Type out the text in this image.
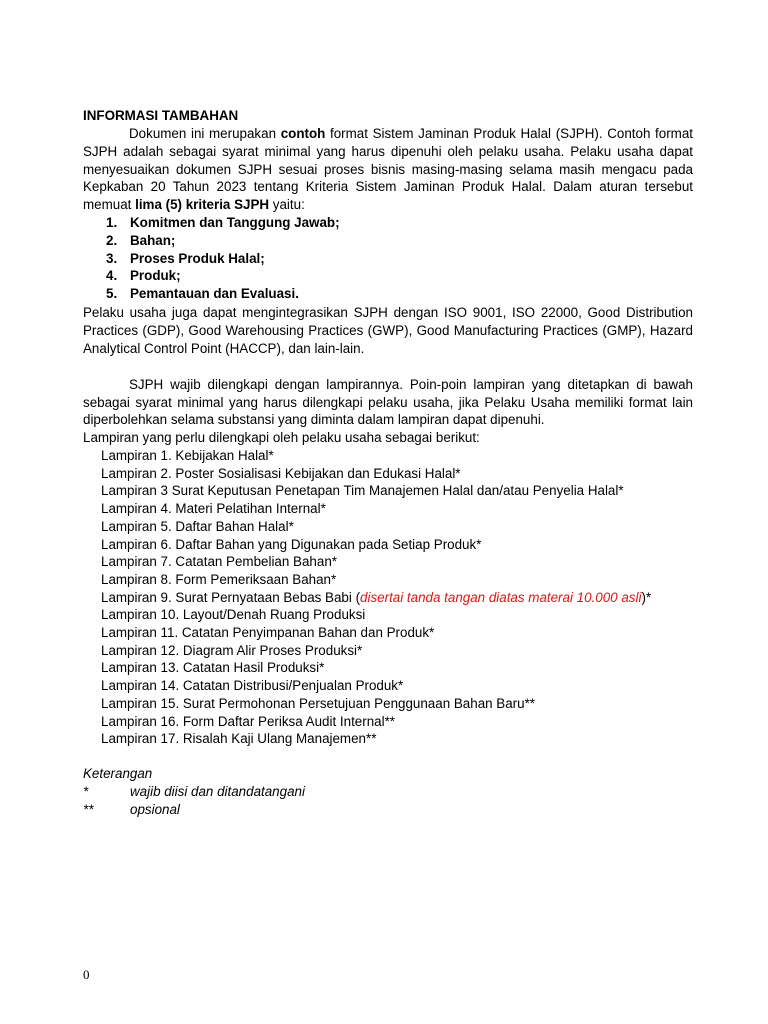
INFORMASI TAMBAHAN

Dokumen ini merupakan contoh format Sistem Jaminan Produk Halal (SJPH). Contoh format SJPH adalah sebagai syarat minimal yang harus dipenuhi oleh pelaku usaha. Pelaku usaha dapat menyesuaikan dokumen SJPH sesuai proses bisnis masing-masing selama masih mengacu pada Kepkaban 20 Tahun 2023 tentang Kriteria Sistem Jaminan Produk Halal. Dalam aturan tersebut memuat lima (5) kriteria SJPH yaitu:

1. Komitmen dan Tanggung Jawab;
2. Bahan;
3. Proses Produk Halal;
4. Produk;
5. Pemantauan dan Evaluasi.

Pelaku usaha juga dapat mengintegrasikan SJPH dengan ISO 9001, ISO 22000, Good Distribution Practices (GDP), Good Warehousing Practices (GWP), Good Manufacturing Practices (GMP), Hazard Analytical Control Point (HACCP), dan lain-lain.

SJPH wajib dilengkapi dengan lampirannya. Poin-poin lampiran yang ditetapkan di bawah sebagai syarat minimal yang harus dilengkapi pelaku usaha, jika Pelaku Usaha memiliki format lain diperbolehkan selama substansi yang diminta dalam lampiran dapat dipenuhi.

Lampiran yang perlu dilengkapi oleh pelaku usaha sebagai berikut:

Lampiran 1. Kebijakan Halal*
Lampiran 2. Poster Sosialisasi Kebijakan dan Edukasi Halal*
Lampiran 3 Surat Keputusan Penetapan Tim Manajemen Halal dan/atau Penyelia Halal*
Lampiran 4. Materi Pelatihan Internal*
Lampiran 5. Daftar Bahan Halal*
Lampiran 6. Daftar Bahan yang Digunakan pada Setiap Produk*
Lampiran 7. Catatan Pembelian Bahan*
Lampiran 8. Form Pemeriksaan Bahan*
Lampiran 9. Surat Pernyataan Bebas Babi (disertai tanda tangan diatas materai 10.000 asli)*
Lampiran 10. Layout/Denah Ruang Produksi
Lampiran 11. Catatan Penyimpanan Bahan dan Produk*
Lampiran 12. Diagram Alir Proses Produksi*
Lampiran 13. Catatan Hasil Produksi*
Lampiran 14. Catatan Distribusi/Penjualan Produk*
Lampiran 15. Surat Permohonan Persetujuan Penggunaan Bahan Baru**
Lampiran 16. Form Daftar Periksa Audit Internal**
Lampiran 17. Risalah Kaji Ulang Manajemen**
Keterangan
*	wajib diisi dan ditandatangani
**	opsional
0
